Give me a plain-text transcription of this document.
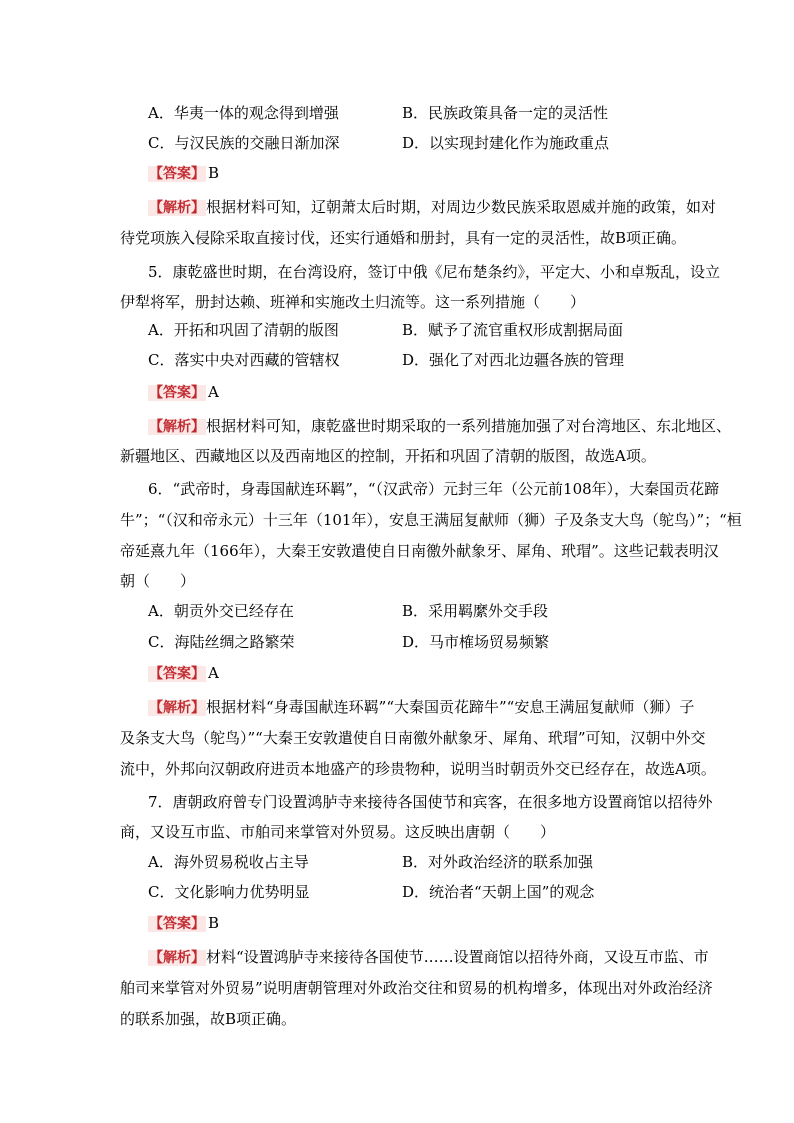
A．华夷一体的观念得到增强	B．民族政策具备一定的灵活性
C．与汉民族的交融日渐加深	D．以实现封建化作为施政重点
【答案】 B
【解析】根据材料可知，辽朝萧太后时期，对周边少数民族采取恩威并施的政策，如对
待党项族入侵除采取直接讨伐，还实行通婚和册封，具有一定的灵活性，故B项正确。
5．康乾盛世时期，在台湾设府，签订中俄《尼布楚条约》，平定大、小和卓叛乱，设立
伊犁将军，册封达赖、班禅和实施改土归流等。这一系列措施（　　）
A．开拓和巩固了清朝的版图	B．赋予了流官重权形成割据局面
C．落实中央对西藏的管辖权	D．强化了对西北边疆各族的管理
【答案】 A
【解析】根据材料可知，康乾盛世时期采取的一系列措施加强了对台湾地区、东北地区、
新疆地区、西藏地区以及西南地区的控制，开拓和巩固了清朝的版图，故选A项。
6．“武帝时，身毒国献连环羁”，“（汉武帝）元封三年（公元前108年），大秦国贡花蹄
牛”；“（汉和帝永元）十三年（101年），安息王满屈复献师（狮）子及条支大鸟（鸵鸟）”；“桓
帝延熹九年（166年），大秦王安敦遣使自日南徼外献象牙、犀角、玳瑁”。这些记载表明汉
朝（　　）
A．朝贡外交已经存在	B．采用羁縻外交手段
C．海陆丝绸之路繁荣	D．马市榷场贸易频繁
【答案】 A
【解析】根据材料“身毒国献连环羁”“大秦国贡花蹄牛”“安息王满屈复献师（狮）子
及条支大鸟（鸵鸟）”“大秦王安敦遣使自日南徼外献象牙、犀角、玳瑁”可知，汉朝中外交
流中，外邦向汉朝政府进贡本地盛产的珍贵物种，说明当时朝贡外交已经存在，故选A项。
7．唐朝政府曾专门设置鸿胪寺来接待各国使节和宾客，在很多地方设置商馆以招待外
商，又设互市监、市舶司来掌管对外贸易。这反映出唐朝（　　）
A．海外贸易税收占主导	B．对外政治经济的联系加强
C．文化影响力优势明显	D．统治者“天朝上国”的观念
【答案】 B
【解析】材料“设置鸿胪寺来接待各国使节……设置商馆以招待外商，又设互市监、市
舶司来掌管对外贸易”说明唐朝管理对外政治交往和贸易的机构增多，体现出对外政治经济
的联系加强，故B项正确。
